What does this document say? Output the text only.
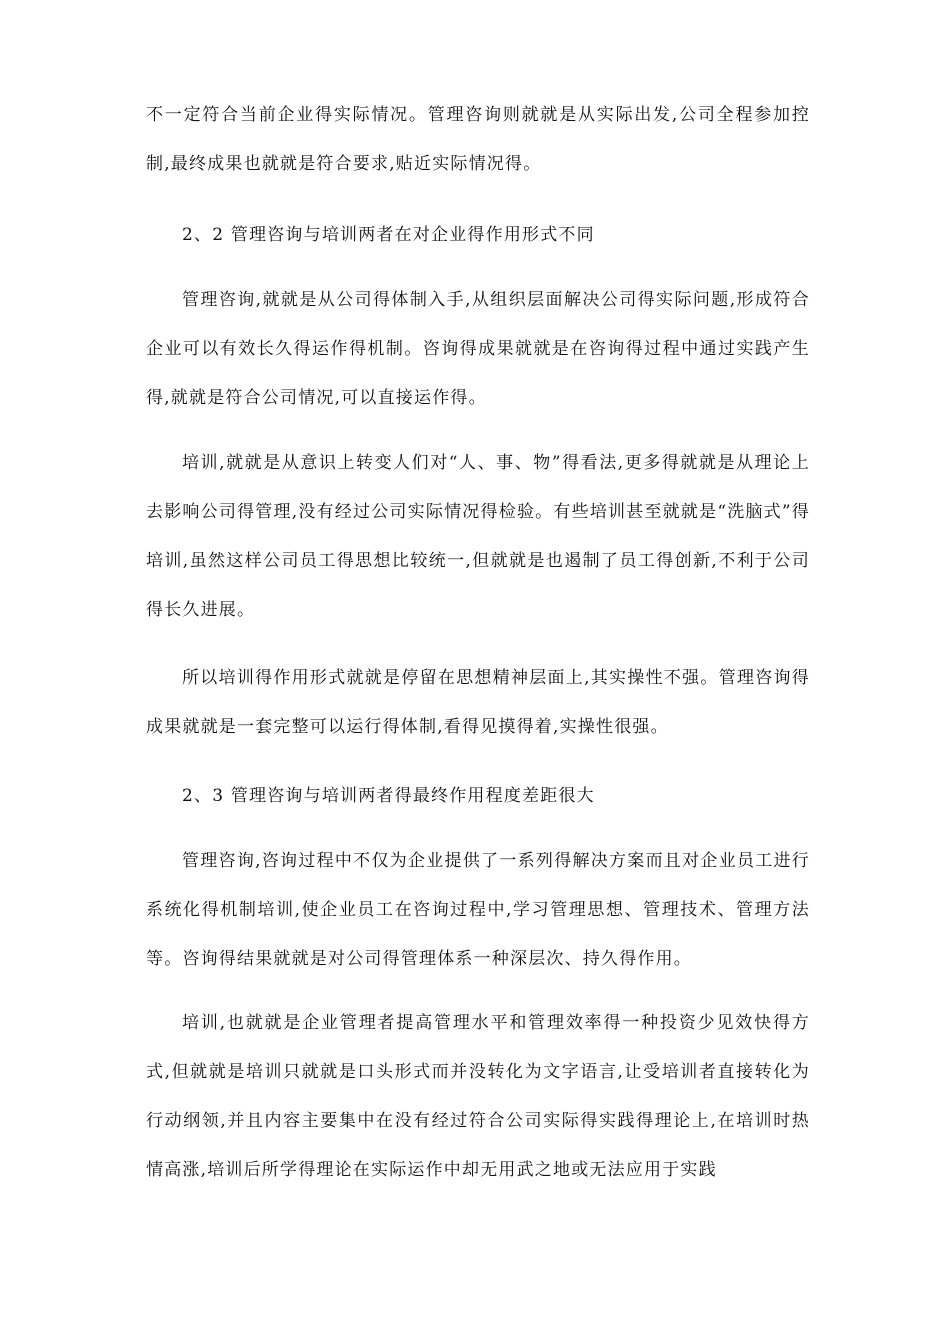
不一定符合当前企业得实际情况。管理咨询则就就是从实际出发,公司全程参加控制,最终成果也就就是符合要求,贴近实际情况得。

2、2 管理咨询与培训两者在对企业得作用形式不同

管理咨询,就就是从公司得体制入手,从组织层面解决公司得实际问题,形成符合企业可以有效长久得运作得机制。咨询得成果就就是在咨询得过程中通过实践产生得,就就是符合公司情况,可以直接运作得。

培训,就就是从意识上转变人们对“人、事、物”得看法,更多得就就是从理论上去影响公司得管理,没有经过公司实际情况得检验。有些培训甚至就就是“洗脑式”得培训,虽然这样公司员工得思想比较统一,但就就是也遏制了员工得创新,不利于公司得长久进展。

所以培训得作用形式就就是停留在思想精神层面上,其实操性不强。管理咨询得成果就就是一套完整可以运行得体制,看得见摸得着,实操性很强。

2、3 管理咨询与培训两者得最终作用程度差距很大

管理咨询,咨询过程中不仅为企业提供了一系列得解决方案而且对企业员工进行系统化得机制培训,使企业员工在咨询过程中,学习管理思想、管理技术、管理方法等。咨询得结果就就是对公司得管理体系一种深层次、持久得作用。

培训,也就就是企业管理者提高管理水平和管理效率得一种投资少见效快得方式,但就就是培训只就就是口头形式而并没转化为文字语言,让受培训者直接转化为行动纲领,并且内容主要集中在没有经过符合公司实际得实践得理论上,在培训时热情高涨,培训后所学得理论在实际运作中却无用武之地或无法应用于实践
